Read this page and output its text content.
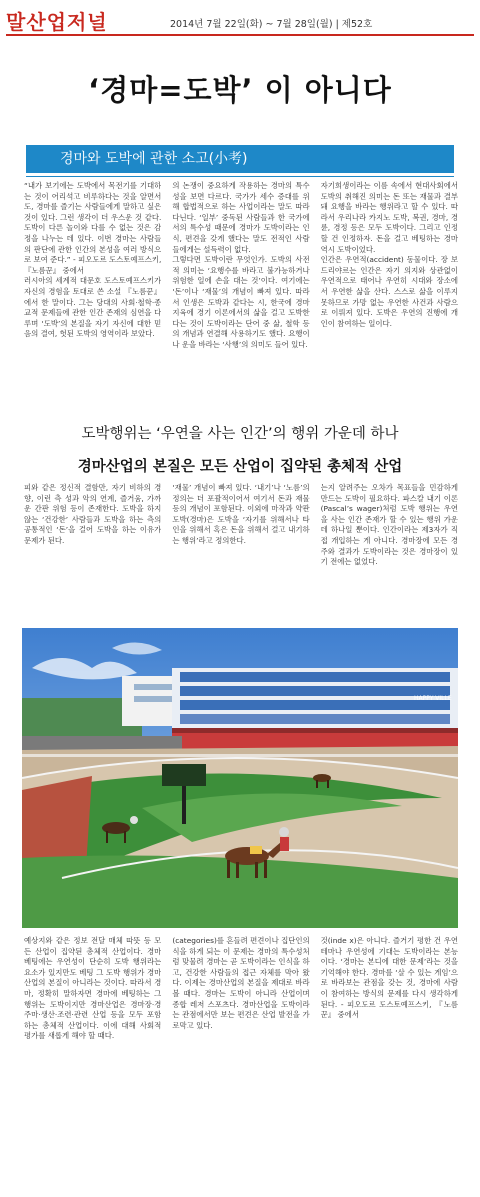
말산업저널	2014년 7월 22일(화) ~ 7월 28일(월) | 제52호
‘경마=도박’ 이 아니다
경마와 도박에 관한 소고(小考)

“내가 보기에는 도박에서 목전기를 기대하는 것이 어리석고 비루하다는 것을 알면서도, 경마를 즐기는 사람들에게 말하고 싶은 것이 있다. 그런 생각이 더 우스운 것 같다. 도박이 다른 놀이와 다를 수 없는 것은 감정을 나누는 데 있다. 이번 경마는 사람들의 판단에 관한 인간의 본성을 여러 방식으로 보여 준다.” - 피오도르 도스토예프스키, 『노름꾼』 중에서

러시아의 세계적 대문호 도스토예프스키가 자신의 경험을 토대로 쓴 소설 『노름꾼』에서 한 말이다. 그는 당대의 사회·철학·종교적 문제들에 관한 인간 존재의 심연을 다루며 ‘도박’의 본질을 자기 자신에 대한 믿음의 결여, 헛된 도박의 영역이라 보았다.

의 논쟁이 중요하게 작용하는 경마의 특수성을 보면 다르다. 국가가 세수 증대를 위해 합법적으로 하는 사업이라는 말도 따라다닌다. ‘일부’ 중독된 사람들과 한 국가에서의 특수성 때문에 경마가 도박이라는 인식, 편견을 갖게 했다는 말도 전적인 사람들에게는 설득력이 없다.

그렇다면 도박이란 무엇인가. 도박의 사전적 의미는 ‘요행수를 바라고 불가능하거나 위험한 일에 손을 대는 것’이다. 여기에는 ‘돈’이나 ‘재물’의 개념이 빠져 있다. 따라서 인생은 도박과 같다는 시, 한국에 경마 지육에 경기 이론에서의 삶을 걸고 도박한다는 것이 도박이라는 단어 중 삶, 철학 등의 개념과 연결해 사용하기도 했다. 요행이나 운을 바라는 ‘사행’의 의미도 들어 있다.

자기희생이라는 이름 속에서 현대사회에서 도박의 취해진 의미는 돈 또는 재물과 결부돼 요행을 바라는 행위라고 할 수 있다. 따라서 우리나라 카지노 도박, 복권, 경마, 경륜, 경정 등은 모두 도박이다. 그리고 인정할 건 인정하자. 돈을 걸고 베팅하는 경마 역시 도박이었다.

인간은 우연적(accident) 동물이다. 장 보드리야르는 인간은 자기 의지와 상관없이 우연적으로 태어나 우연히 시대와 장소에서 우연한 삶을 산다. 스스로 삶을 이루지 못하므로 가망 없는 우연한 사건과 사람으로 이뤄져 있다. 도박은 우연의 진행에 개인이 참여하는 일이다.

도박행위는 ‘우연을 사는 인간’의 행위 가운데 하나
경마산업의 본질은 모든 산업이 집약된 총체적 산업

피와 같은 정신적 결함만, 자기 비하의 경향, 이런 측 성과 악의 연계, 즐거움, 가까운 간판 위험 등이 존재한다. 도박을 하지 않는 ‘건강한’ 사람들과 도박을 하는 측의 공통적인 ‘돈’을 걸어 도박을 하는 이유가 문제가 된다.

‘재물’ 개념이 빠져 있다. ‘내기’나 ‘노름’의 정의는 더 포괄적이어서 여기서 돈과 재물 등의 개념이 포함된다. 이외에 마작과 약판 도박(경마)은 도박을 ‘자기를 위해서나 타인을 위해서 혹은 돈을 위해서 걸고 내기하는 행위’라고 정의한다.

는지 알려주는 오차가 목표들을 민감하게 만드는 도박이 필요하다. 파스칼 내기 이론(Pascal’s wager)처럼 도박 행위는 우연을 사는 인간 존재가 할 수 있는 행위 가운데 하나일 뿐이다. 인간이라는 제3자가 직접 개입하는 게 아니다. 경마장에 모든 경주와 결과가 도박이라는 것은 경마장이 있기 전에는 없었다.

HAPPY VILLE

예상지와 같은 정보 전달 매체 따뜻 등 모든 산업이 집약된 총체적 산업이다. 경마 베팅에는 우연성이 단순히 도박 행위라는 요소가 있지만도 베팅 그 도박 행위가 경마산업의 본질이 아니라는 것이다. 따라서 경마, 정확히 말하자면 경마에 베팅하는 그 행위는 도박이지만 경마산업은 경마장·경주마·생산·조련·관련 산업 등을 모두 포함하는 총체적 산업이다. 이에 대해 사회적 평가를 새롭게 해야 할 때다.

(categories)를 흔들려 편견이나 집단인의 식을 하게 되는 이 문제는 경마의 특수성처럼 맞물려 경마는 곧 도박이라는 인식을 하고, 건강한 사람들의 접근 자체를 막아 왔다. 이제는 경마산업의 본질을 제대로 바라볼 때다. 경마는 도박이 아니라 산업이며 종합 레저 스포츠다. 경마산업을 도박이라는 관점에서만 보는 편견은 산업 발전을 가로막고 있다.

것(inde x)은 아니다. 즐거기 평한 건 우연 테마나 우연성에 기대는 도박이라는 본능이다. ‘경마는 본디에 대한 문제’라는 것을 기억해야 한다. 경마를 ‘살 수 있는 게임’으로 바라보는 관점을 갖는 것, 경마에 사람이 참여하는 방식의 문제를 다시 생각하게 된다. - 피오도르 도스토예프스키, 『노름꾼』 중에서
